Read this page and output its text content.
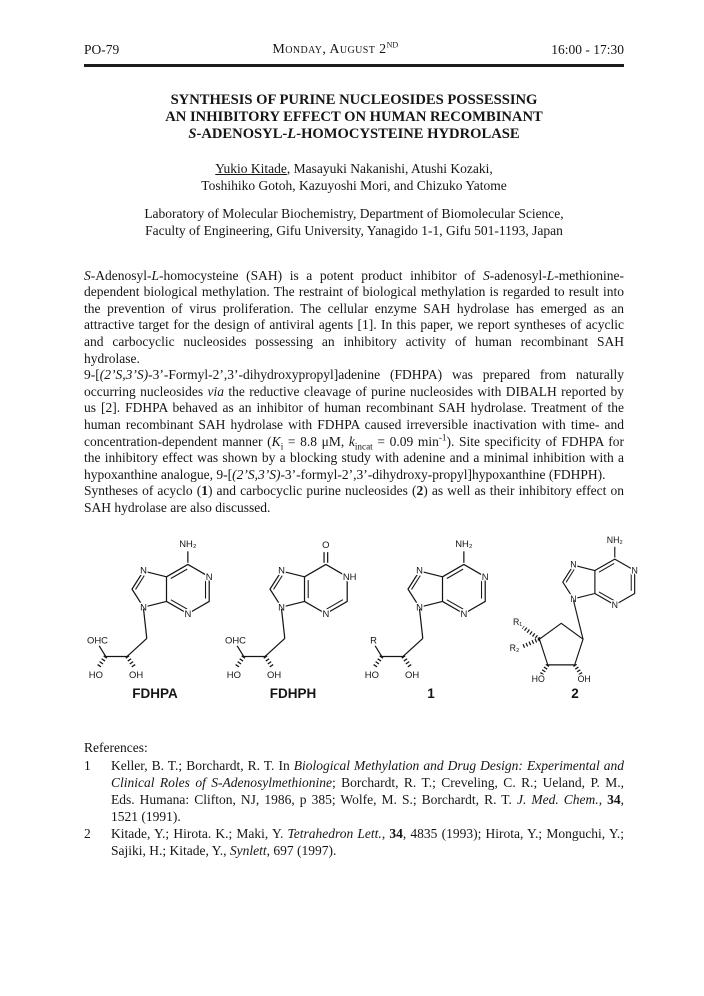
PO-79	Monday, August 2ND	16:00 - 17:30
SYNTHESIS OF PURINE NUCLEOSIDES POSSESSING
AN INHIBITORY EFFECT ON HUMAN RECOMBINANT
S-ADENOSYL-L-HOMOCYSTEINE HYDROLASE
Yukio Kitade, Masayuki Nakanishi, Atushi Kozaki,
Toshihiko Gotoh, Kazuyoshi Mori, and Chizuko Yatome
Laboratory of Molecular Biochemistry, Department of Biomolecular Science,
Faculty of Engineering, Gifu University, Yanagido 1-1, Gifu 501-1193, Japan

S-Adenosyl-L-homocysteine (SAH) is a potent product inhibitor of S-adenosyl-L-methionine-dependent biological methylation. The restraint of biological methylation is regarded to result into the prevention of virus proliferation. The cellular enzyme SAH hydrolase has emerged as an attractive target for the design of antiviral agents [1]. In this paper, we report syntheses of acyclic and carbocyclic nucleosides possessing an inhibitory activity of human recombinant SAH hydrolase.

9-[(2’S,3’S)-3’-Formyl-2’,3’-dihydroxypropyl]adenine (FDHPA) was prepared from naturally occurring nucleosides via the reductive cleavage of purine nucleosides with DIBALH reported by us [2]. FDHPA behaved as an inhibitor of human recombinant SAH hydrolase. Treatment of the human recombinant SAH hydrolase with FDHPA caused irreversible inactivation with time- and concentration-dependent manner ($K_i = 8.8$ μM, $k_{incat} = 0.09$ $\min^{-1}$). Site specificity of FDHPA for the inhibitory effect was shown by a blocking study with adenine and a minimal inhibition with a hypoxanthine analogue, 9-[(2’S,3’S)-3’-formyl-2’,3’-dihydroxy-propyl]hypoxanthine (FDHPH).

Syntheses of acyclo (1) and carbocyclic purine nucleosides (2) as well as their inhibitory effect on SAH hydrolase are also discussed.

NH₂
N
N
N
N
OHC
HO OH
FDHPA
O
NH
N
N
N
OHC
HO OH
FDHPH
NH₂
N
N
N
N
R
HO OH
1
NH₂
N
N
N
N
R₁
R₂
HO	OH
2

References:

1	Keller, B. T.; Borchardt, R. T. In Biological Methylation and Drug Design: Experimental and Clinical Roles of S-Adenosylmethionine; Borchardt, R. T.; Creveling, C. R.; Ueland, P. M., Eds. Humana: Clifton, NJ, 1986, p 385; Wolfe, M. S.; Borchardt, R. T. J. Med. Chem., 34, 1521 (1991).
2	Kitade, Y.; Hirota. K.; Maki, Y. Tetrahedron Lett., 34, 4835 (1993); Hirota, Y.; Monguchi, Y.; Sajiki, H.; Kitade, Y., Synlett, 697 (1997).
